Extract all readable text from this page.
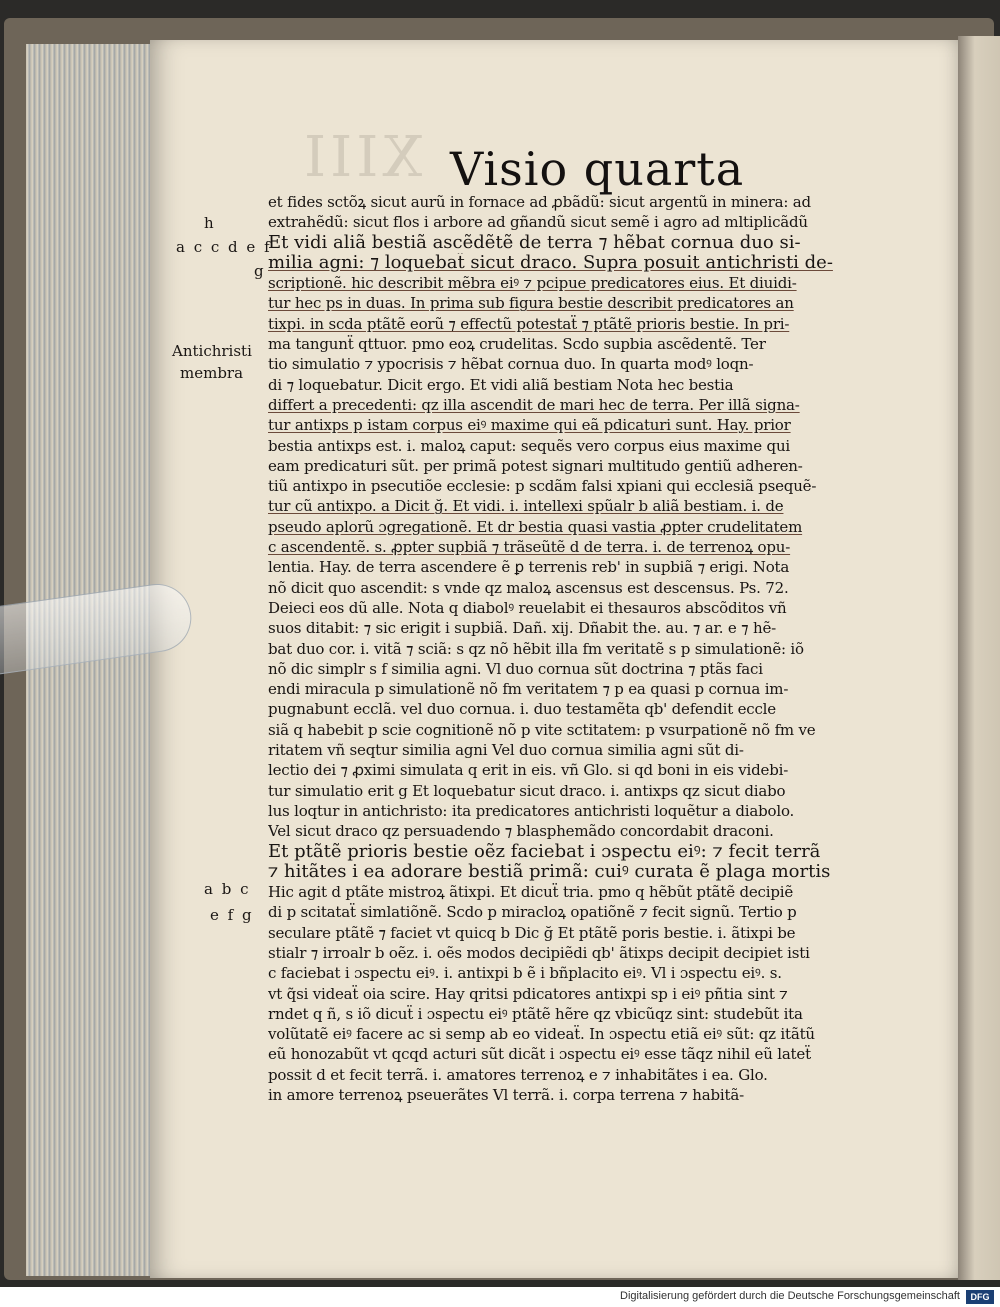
XIII Visio quarta
h
a c c d e f
g
Antichristi
membra
a b c
e f g
et fides sctõꝝ sicut aurũ in fornace ad ꝓbãdũ: sicut argentũ in minera: ad
extrahẽdũ: sicut flos i arbore ad gñandũ sicut semẽ i agro ad mltiplicãdũ
Et vidi aliã bestiã ascẽdẽtẽ de terra ⁊ hẽbat cornua duo si-
milia agni: ⁊ loquebaẗ sicut draco. Supra posuit antichristi de-
scriptionẽ. hic describit mẽbra eiꝰ ⁊ pcipue predicatores eius. Et diuidi-
tur hec ps in duas. In prima sub figura bestie describit predicatores an
tixpi. in scda ptãtẽ eorũ ⁊ effectũ potestaẗ ⁊ ptãtẽ prioris bestie. In pri-
ma tangunẗ qttuor. pmo eoꝝ crudelitas. Scdo supbia ascẽdentẽ. Ter
tio simulatio ⁊ ypocrisis ⁊ hẽbat cornua duo. In quarta modꝰ loqn-
di ⁊ loquebatur. Dicit ergo. Et vidi aliã bestiam Nota hec bestia
differt a precedenti: qz illa ascendit de mari hec de terra. Per illã signa-
tur antixps p istam corpus eiꝰ maxime qui eã pdicaturi sunt. Hay. prior
bestia antixps est. i. maloꝝ caput: sequẽs vero corpus eius maxime qui
eam predicaturi sũt. per primã potest signari multitudo gentiũ adheren-
tiũ antixpo in psecutiõe ecclesie: p scdãm falsi xpiani qui ecclesiã psequẽ-
tur cũ antixpo. a Dicit ğ. Et vidi. i. intellexi spũalr b aliã bestiam. i. de
pseudo aplorũ ɔgregationẽ. Et dr bestia quasi vastia ꝓpter crudelitatem
c ascendentẽ. s. ꝓpter supbiã ⁊ trãseũtẽ d de terra. i. de terrenoꝝ opu-
lentia. Hay. de terra ascendere ẽ ꝑ terrenis reb' in supbiã ⁊ erigi. Nota
nõ dicit quo ascendit: s vnde qz maloꝝ ascensus est descensus. Ps. 72.
Deieci eos dũ alle. Nota q diabolꝰ reuelabit ei thesauros abscõditos vñ
suos ditabit: ⁊ sic erigit i supbiã. Dañ. xij. Dñabit the. au. ⁊ ar. e ⁊ hẽ-
bat duo cor. i. vitã ⁊ sciã: s qz nõ hẽbit illa fm veritatẽ s p simulationẽ: iõ
nõ dic simplr s f similia agni. Vl duo cornua sũt doctrina ⁊ ptãs faci
endi miracula p simulationẽ nõ fm veritatem ⁊ p ea quasi p cornua im-
pugnabunt ecclã. vel duo cornua. i. duo testamẽta qb' defendit eccle
siã q habebit p scie cognitionẽ nõ p vite sctitatem: p vsurpationẽ nõ fm ve
ritatem vñ seqtur similia agni Vel duo cornua similia agni sũt di-
lectio dei ⁊ ꝓximi simulata q erit in eis. vñ Glo. si qd boni in eis videbi-
tur simulatio erit g Et loquebatur sicut draco. i. antixps qz sicut diabo
lus loqtur in antichristo: ita predicatores antichristi loquẽtur a diabolo.
Vel sicut draco qz persuadendo ⁊ blasphemãdo concordabit draconi.
Et ptãtẽ prioris bestie oẽz faciebat i ɔspectu eiꝰ: ⁊ fecit terrã
⁊ hitãtes i ea adorare bestiã primã: cuiꝰ curata ẽ plaga mortis
Hic agit d ptãte mistroꝝ ãtixpi. Et dicuẗ tria. pmo q hẽbũt ptãtẽ decipiẽ
di p scitataẗ simlatiõnẽ. Scdo p miracloꝝ opatiõnẽ ⁊ fecit signũ. Tertio p
seculare ptãtẽ ⁊ faciet vt quicq b Dic ğ Et ptãtẽ poris bestie. i. ãtixpi be
stialr ⁊ irroalr b oẽz. i. oẽs modos decipiẽdi qb' ãtixps decipit decipiet isti
c faciebat i ɔspectu eiꝰ. i. antixpi b ẽ i bñplacito eiꝰ. Vl i ɔspectu eiꝰ. s.
vt q̃si videaẗ oia scire. Hay qritsi pdicatores antixpi sp i eiꝰ pñtia sint ⁊
rndet q ñ, s iõ dicuẗ i ɔspectu eiꝰ ptãtẽ hẽre qz vbicũqz sint: studebũt ita
volũtatẽ eiꝰ facere ac si semp ab eo videaẗ. In ɔspectu etiã eiꝰ sũt: qz itãtũ
eũ honozabũt vt qcqd acturi sũt dicãt i ɔspectu eiꝰ esse tãqz nihil eũ lateẗ
possit d et fecit terrã. i. amatores terrenoꝝ e ⁊ inhabitãtes i ea. Glo.
in amore terrenoꝝ pseuerãtes Vl terrã. i. corpa terrena ⁊ habitã-
Digitalisierung gefördert durch die Deutsche Forschungsgemeinschaft	DFG
